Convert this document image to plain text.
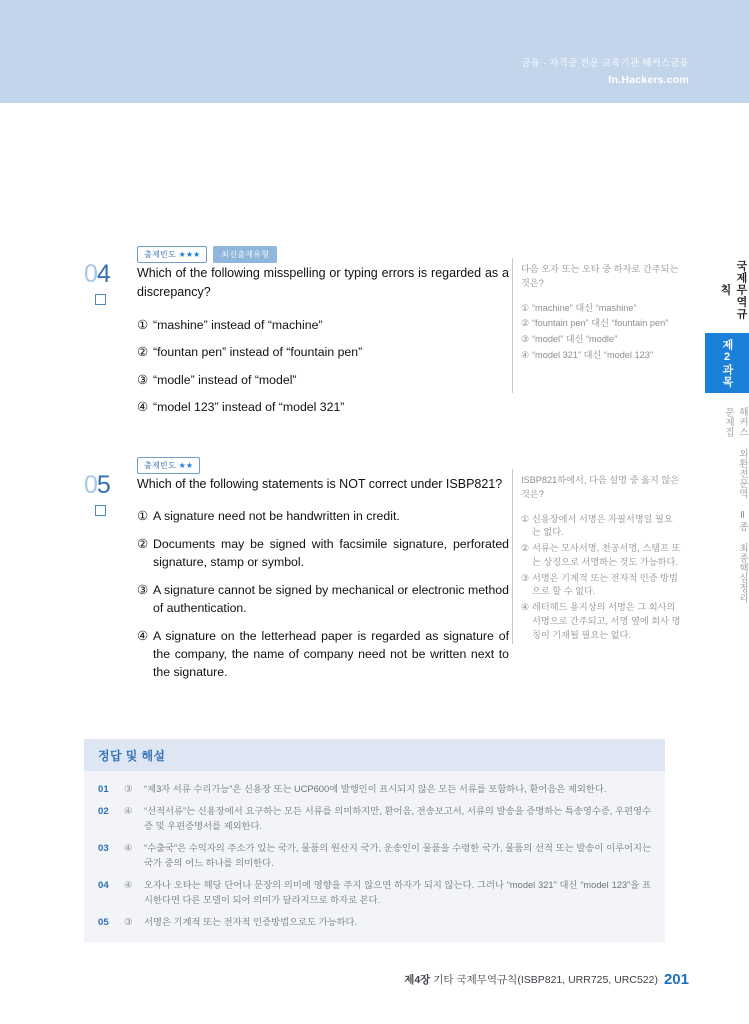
금융 · 자격증 전문 교육기관 해커스금융
fn.Hackers.com
국제무역규칙
제2과목
해커스 외환전문역 Ⅱ종 최종핵심정리문제집
04
출제빈도 ★★★	최신출제유형
Which of the following misspelling or typing errors is regarded as a discrepancy?
① “mashine” instead of “machine”
② “fountan pen” instead of “fountain pen”
③ “modle” instead of “model”
④ “model 123” instead of “model 321”
다음 오자 또는 오타 중 하자로 간주되는 것은?
① “machine” 대신 “mashine”
② “fountain pen” 대신 “fountain pen”
③ “model” 대신 “modle”
④ “model 321” 대신 “model 123”
05
출제빈도 ★★
Which of the following statements is NOT correct under ISBP821?
① A signature need not be handwritten in credit.
② Documents may be signed with facsimile signature, perforated signature, stamp or symbol.
③ A signature cannot be signed by mechanical or electronic method of authentication.
④ A signature on the letterhead paper is regarded as signature of the company, the name of company need not be written next to the signature.
ISBP821하에서, 다음 설명 중 옳지 않은 것은?
① 신용장에서 서명은 자필서명일 필요는 없다.
② 서류는 모사서명, 천공서명, 스탬프 또는 상징으로 서명하는 것도 가능하다.
③ 서명은 기계적 또는 전자적 인증 방법으로 할 수 없다.
④ 레터헤드 용지상의 서명은 그 회사의 서명으로 간주되고, 서명 옆에 회사 명칭이 기재될 필요는 없다.
정답 및 해설
01	③	“제3자 서류 수리가능”은 신용장 또는 UCP600에 발행인이 표시되지 않은 모든 서류를 포함하나, 환어음은 제외한다.
02	④	“선적서류”는 신용장에서 요구하는 모든 서류를 의미하지만, 환어음, 전송보고서, 서류의 발송을 증명하는 특송영수증, 우편영수증 및 우편증명서를 제외한다.
03	④	“수출국”은 수익자의 주소가 있는 국가, 물품의 원산지 국가, 운송인이 물품을 수령한 국가, 물품의 선적 또는 발송이 이루어지는 국가 중의 어느 하나를 의미한다.
04	④	오자나 오타는 해당 단어나 문장의 의미에 영향을 주지 않으면 하자가 되지 않는다. 그러나 “model 321” 대신 “model 123”을 표시한다면 다른 모델이 되어 의미가 달라지므로 하자로 본다.
05	③	서명은 기계적 또는 전자적 인증방법으로도 가능하다.
제4장 기타 국제무역규칙(ISBP821, URR725, URC522) 201
